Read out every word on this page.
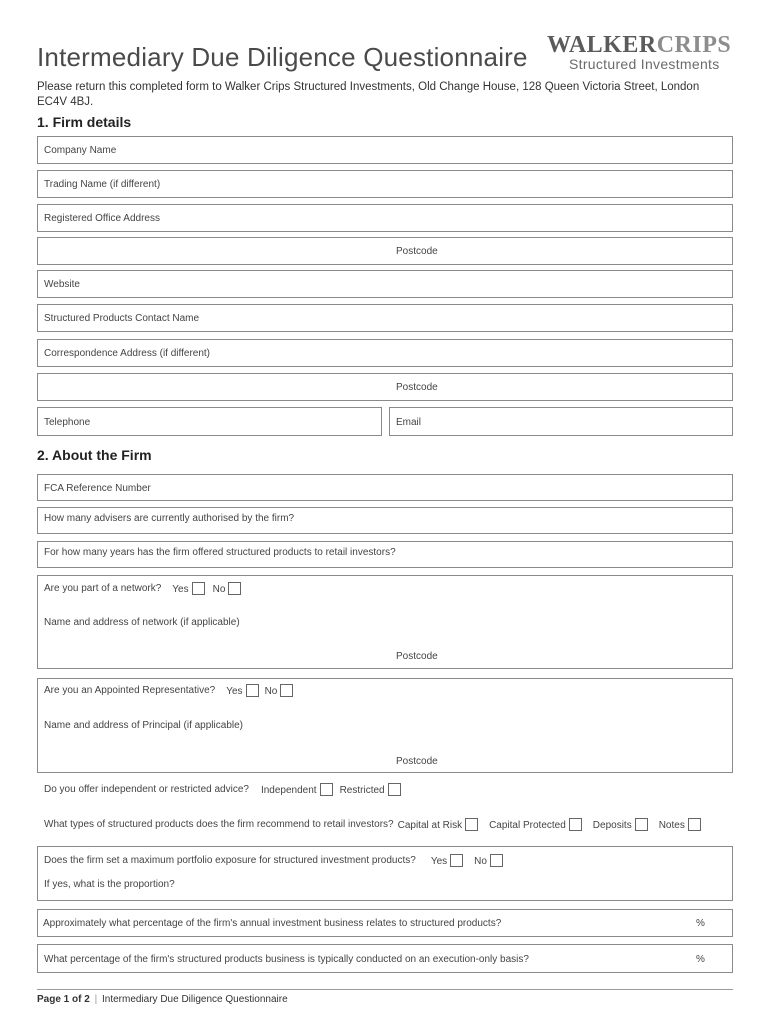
Intermediary Due Diligence Questionnaire WALKERCRIPS
Structured Investments
Please return this completed form to Walker Crips Structured Investments, Old Change House, 128 Queen Victoria Street, London EC4V 4BJ.
1. Firm details
Company Name
Trading Name (if different)
Registered Office Address
Postcode
Website
Structured Products Contact Name
Correspondence Address (if different)
Postcode
Telephone	Email
2. About the Firm
FCA Reference Number
How many advisers are currently authorised by the firm?
For how many years has the firm offered structured products to retail investors?
Are you part of a network? Yes No
Name and address of network (if applicable)
Postcode
Are you an Appointed Representative? Yes No
Name and address of Principal (if applicable)
Postcode
Do you offer independent or restricted advice? Independent Restricted
What types of structured products does the firm recommend to retail investors? Capital at Risk	Capital Protected	Deposits	Notes
Does the firm set a maximum portfolio exposure for structured investment products? Yes	No
If yes, what is the proportion?
Approximately what percentage of the firm's annual investment business relates to structured products?	%
What percentage of the firm's structured products business is typically conducted on an execution-only basis?	%
Page 1 of 2 | Intermediary Due Diligence Questionnaire
